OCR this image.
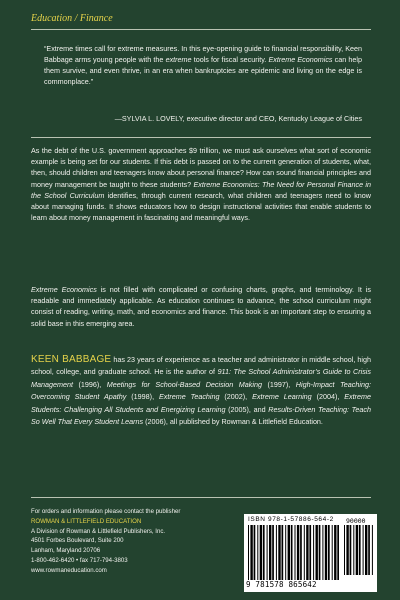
Education / Finance
“Extreme times call for extreme measures. In this eye-opening guide to financial responsibility, Keen Babbage arms young people with the extreme tools for fiscal security. Extreme Economics can help them survive, and even thrive, in an era when bankruptcies are epidemic and living on the edge is commonplace.”
—SYLVIA L. LOVELY, executive director and CEO, Kentucky League of Cities
As the debt of the U.S. government approaches $9 trillion, we must ask ourselves what sort of economic example is being set for our students. If this debt is passed on to the current generation of students, what, then, should children and teenagers know about personal finance? How can sound financial principles and money management be taught to these students? Extreme Economics: The Need for Personal Finance in the School Curriculum identifies, through current research, what children and teenagers need to know about managing funds. It shows educators how to design instructional activities that enable students to learn about money management in fascinating and meaningful ways.
Extreme Economics is not filled with complicated or confusing charts, graphs, and terminology. It is readable and immediately applicable. As education continues to advance, the school curriculum might consist of reading, writing, math, and economics and finance. This book is an important step to ensuring a solid base in this emerging area.
KEEN BABBAGE has 23 years of experience as a teacher and administrator in middle school, high school, college, and graduate school. He is the author of 911: The School Administrator’s Guide to Crisis Management (1996), Meetings for School-Based Decision Making (1997), High-Impact Teaching: Overcoming Student Apathy (1998), Extreme Teaching (2002), Extreme Learning (2004), Extreme Students: Challenging All Students and Energizing Learning (2005), and Results-Driven Teaching: Teach So Well That Every Student Learns (2006), all published by Rowman & Littlefield Education.
For orders and information please contact the publisher
ROWMAN & LITTLEFIELD EDUCATION
A Division of Rowman & Littlefield Publishers, Inc.
4501 Forbes Boulevard, Suite 200
Lanham, Maryland 20706
1-800-462-6420 • fax 717-794-3803
www.rowmaneducation.com
ISBN 978-1-57886-564-2	90000
9 781578 865642
